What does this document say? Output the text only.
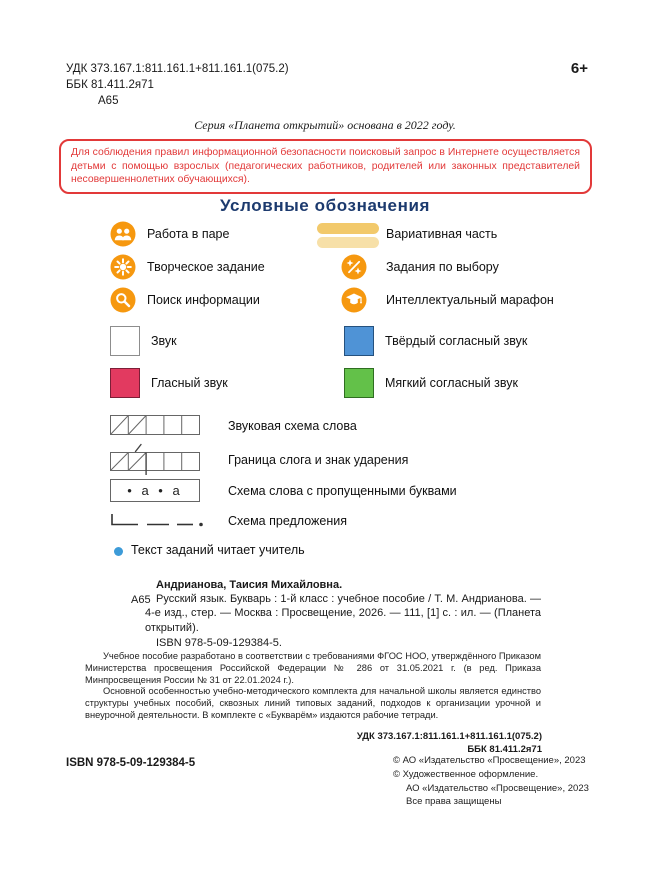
УДК 373.167.1:811.161.1+811.161.1(075.2)
ББК 81.411.2я71
А65
6+
Серия «Планета открытий» основана в 2022 году.
Для соблюдения правил информационной безопасности поисковый запрос в Интернете осуществляется детьми с помощью взрослых (педагогических работников, родителей или законных представителей несовершеннолетних обучающихся).
Условные обозначения
Работа в паре	Вариативная часть
Творческое задание	Задания по выбору
Поиск информации	Интеллектуальный марафон
Звук	Твёрдый согласный звук
Гласный звук	Мягкий согласный звук
Звуковая схема слова
Граница слога и знак ударения
• а • а	Схема слова с пропущенными буквами
Схема предложения
Текст заданий читает учитель
Андрианова, Таисия Михайловна.
А65 Русский язык. Букварь : 1-й класс : учебное пособие / Т. М. Андрианова. — 4-е изд., стер. — Москва : Просвещение, 2026. — 111, [1] с. : ил. — (Планета открытий).
ISBN 978-5-09-129384-5.
Учебное пособие разработано в соответствии с требованиями ФГОС НОО, утверждённого Приказом Министерства просвещения Российской Федерации № 286 от 31.05.2021 г. (в ред. Приказа Минпросвещения России № 31 от 22.01.2024 г.).
Основной особенностью учебно-методического комплекта для начальной школы является единство структуры учебных пособий, сквозных линий типовых заданий, подходов к организации урочной и внеурочной деятельности. В комплекте с «Букварём» издаются рабочие тетради.
УДК 373.167.1:811.161.1+811.161.1(075.2)
ББК 81.411.2я71
ISBN 978-5-09-129384-5	© АО «Издательство «Просвещение», 2023
© Художественное оформление.
АО «Издательство «Просвещение», 2023
Все права защищены
